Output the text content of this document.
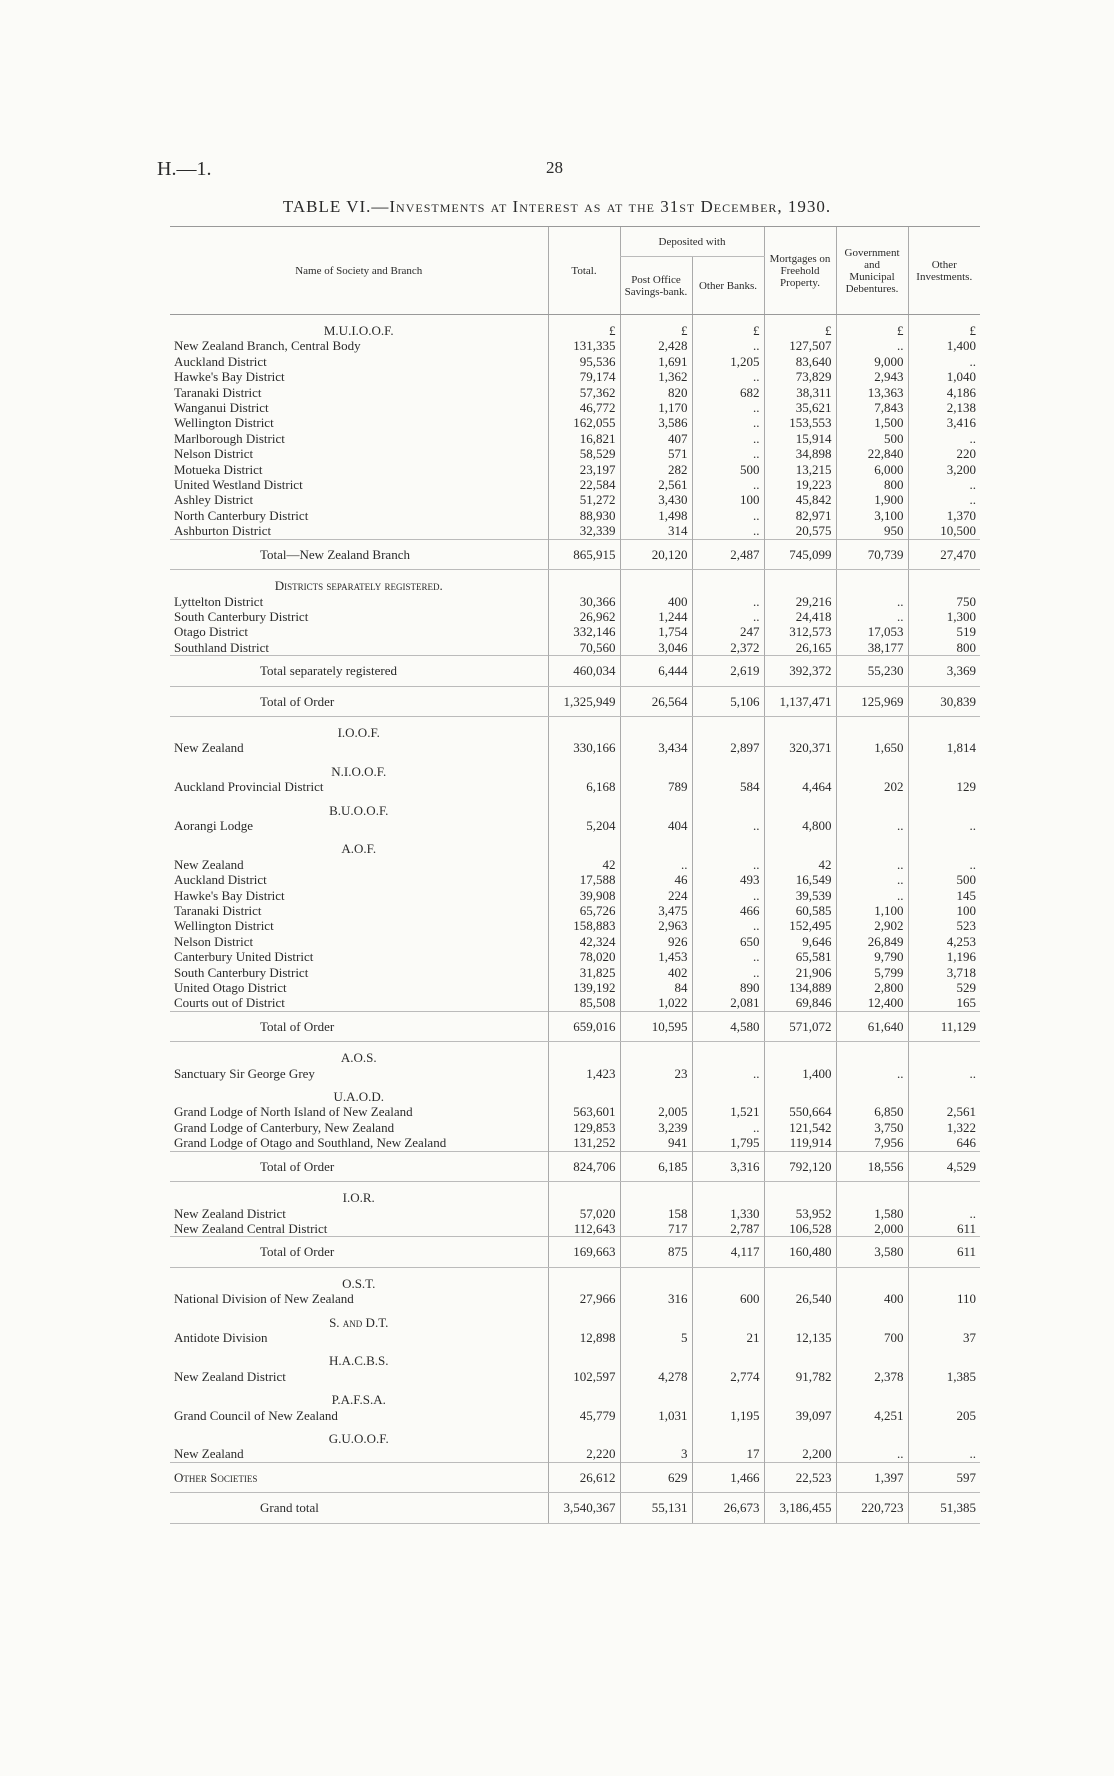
H.—1.	28
TABLE VI.—Investments at Interest as at the 31st December, 1930.
Name of Society and Branch	Total.	Deposited with		Mortgages on Freehold Property.	Government and Municipal Debentures.	Other Investments.
		Post Office Savings-bank.	Other Banks.			
M.U.I.O.O.F.	£	£	£	£	£	£
New Zealand Branch, Central Body	131,335	2,428	..	127,507	..	1,400
Auckland District	95,536	1,691	1,205	83,640	9,000	..
Hawke's Bay District	79,174	1,362	..	73,829	2,943	1,040
Taranaki District	57,362	820	682	38,311	13,363	4,186
Wanganui District	46,772	1,170	..	35,621	7,843	2,138
Wellington District	162,055	3,586	..	153,553	1,500	3,416
Marlborough District	16,821	407	..	15,914	500	..
Nelson District	58,529	571	..	34,898	22,840	220
Motueka District	23,197	282	500	13,215	6,000	3,200
United Westland District	22,584	2,561	..	19,223	800	..
Ashley District	51,272	3,430	100	45,842	1,900	..
North Canterbury District	88,930	1,498	..	82,971	3,100	1,370
Ashburton District	32,339	314	..	20,575	950	10,500
Total—New Zealand Branch	865,915	20,120	2,487	745,099	70,739	27,470
Districts separately registered.						
Lyttelton District	30,366	400	..	29,216	..	750
South Canterbury District	26,962	1,244	..	24,418	..	1,300
Otago District	332,146	1,754	247	312,573	17,053	519
Southland District	70,560	3,046	2,372	26,165	38,177	800
Total separately registered	460,034	6,444	2,619	392,372	55,230	3,369
Total of Order	1,325,949	26,564	5,106	1,137,471	125,969	30,839
I.O.O.F.						
New Zealand	330,166	3,434	2,897	320,371	1,650	1,814
N.I.O.O.F.						
Auckland Provincial District	6,168	789	584	4,464	202	129
B.U.O.O.F.						
Aorangi Lodge	5,204	404	..	4,800	..	..
A.O.F.						
New Zealand	42	..	..	42	..	..
Auckland District	17,588	46	493	16,549	..	500
Hawke's Bay District	39,908	224	..	39,539	..	145
Taranaki District	65,726	3,475	466	60,585	1,100	100
Wellington District	158,883	2,963	..	152,495	2,902	523
Nelson District	42,324	926	650	9,646	26,849	4,253
Canterbury United District	78,020	1,453	..	65,581	9,790	1,196
South Canterbury District	31,825	402	..	21,906	5,799	3,718
United Otago District	139,192	84	890	134,889	2,800	529
Courts out of District	85,508	1,022	2,081	69,846	12,400	165
Total of Order	659,016	10,595	4,580	571,072	61,640	11,129
A.O.S.						
Sanctuary Sir George Grey	1,423	23	..	1,400	..	..
U.A.O.D.						
Grand Lodge of North Island of New Zealand	563,601	2,005	1,521	550,664	6,850	2,561
Grand Lodge of Canterbury, New Zealand	129,853	3,239	..	121,542	3,750	1,322
Grand Lodge of Otago and Southland, New Zealand	131,252	941	1,795	119,914	7,956	646
Total of Order	824,706	6,185	3,316	792,120	18,556	4,529
I.O.R.						
New Zealand District	57,020	158	1,330	53,952	1,580	..
New Zealand Central District	112,643	717	2,787	106,528	2,000	611
Total of Order	169,663	875	4,117	160,480	3,580	611
O.S.T.						
National Division of New Zealand	27,966	316	600	26,540	400	110
S. and D.T.						
Antidote Division	12,898	5	21	12,135	700	37
H.A.C.B.S.						
New Zealand District	102,597	4,278	2,774	91,782	2,378	1,385
P.A.F.S.A.						
Grand Council of New Zealand	45,779	1,031	1,195	39,097	4,251	205
G.U.O.O.F.						
New Zealand	2,220	3	17	2,200	..	..
Other Societies	26,612	629	1,466	22,523	1,397	597
Grand total	3,540,367	55,131	26,673	3,186,455	220,723	51,385
